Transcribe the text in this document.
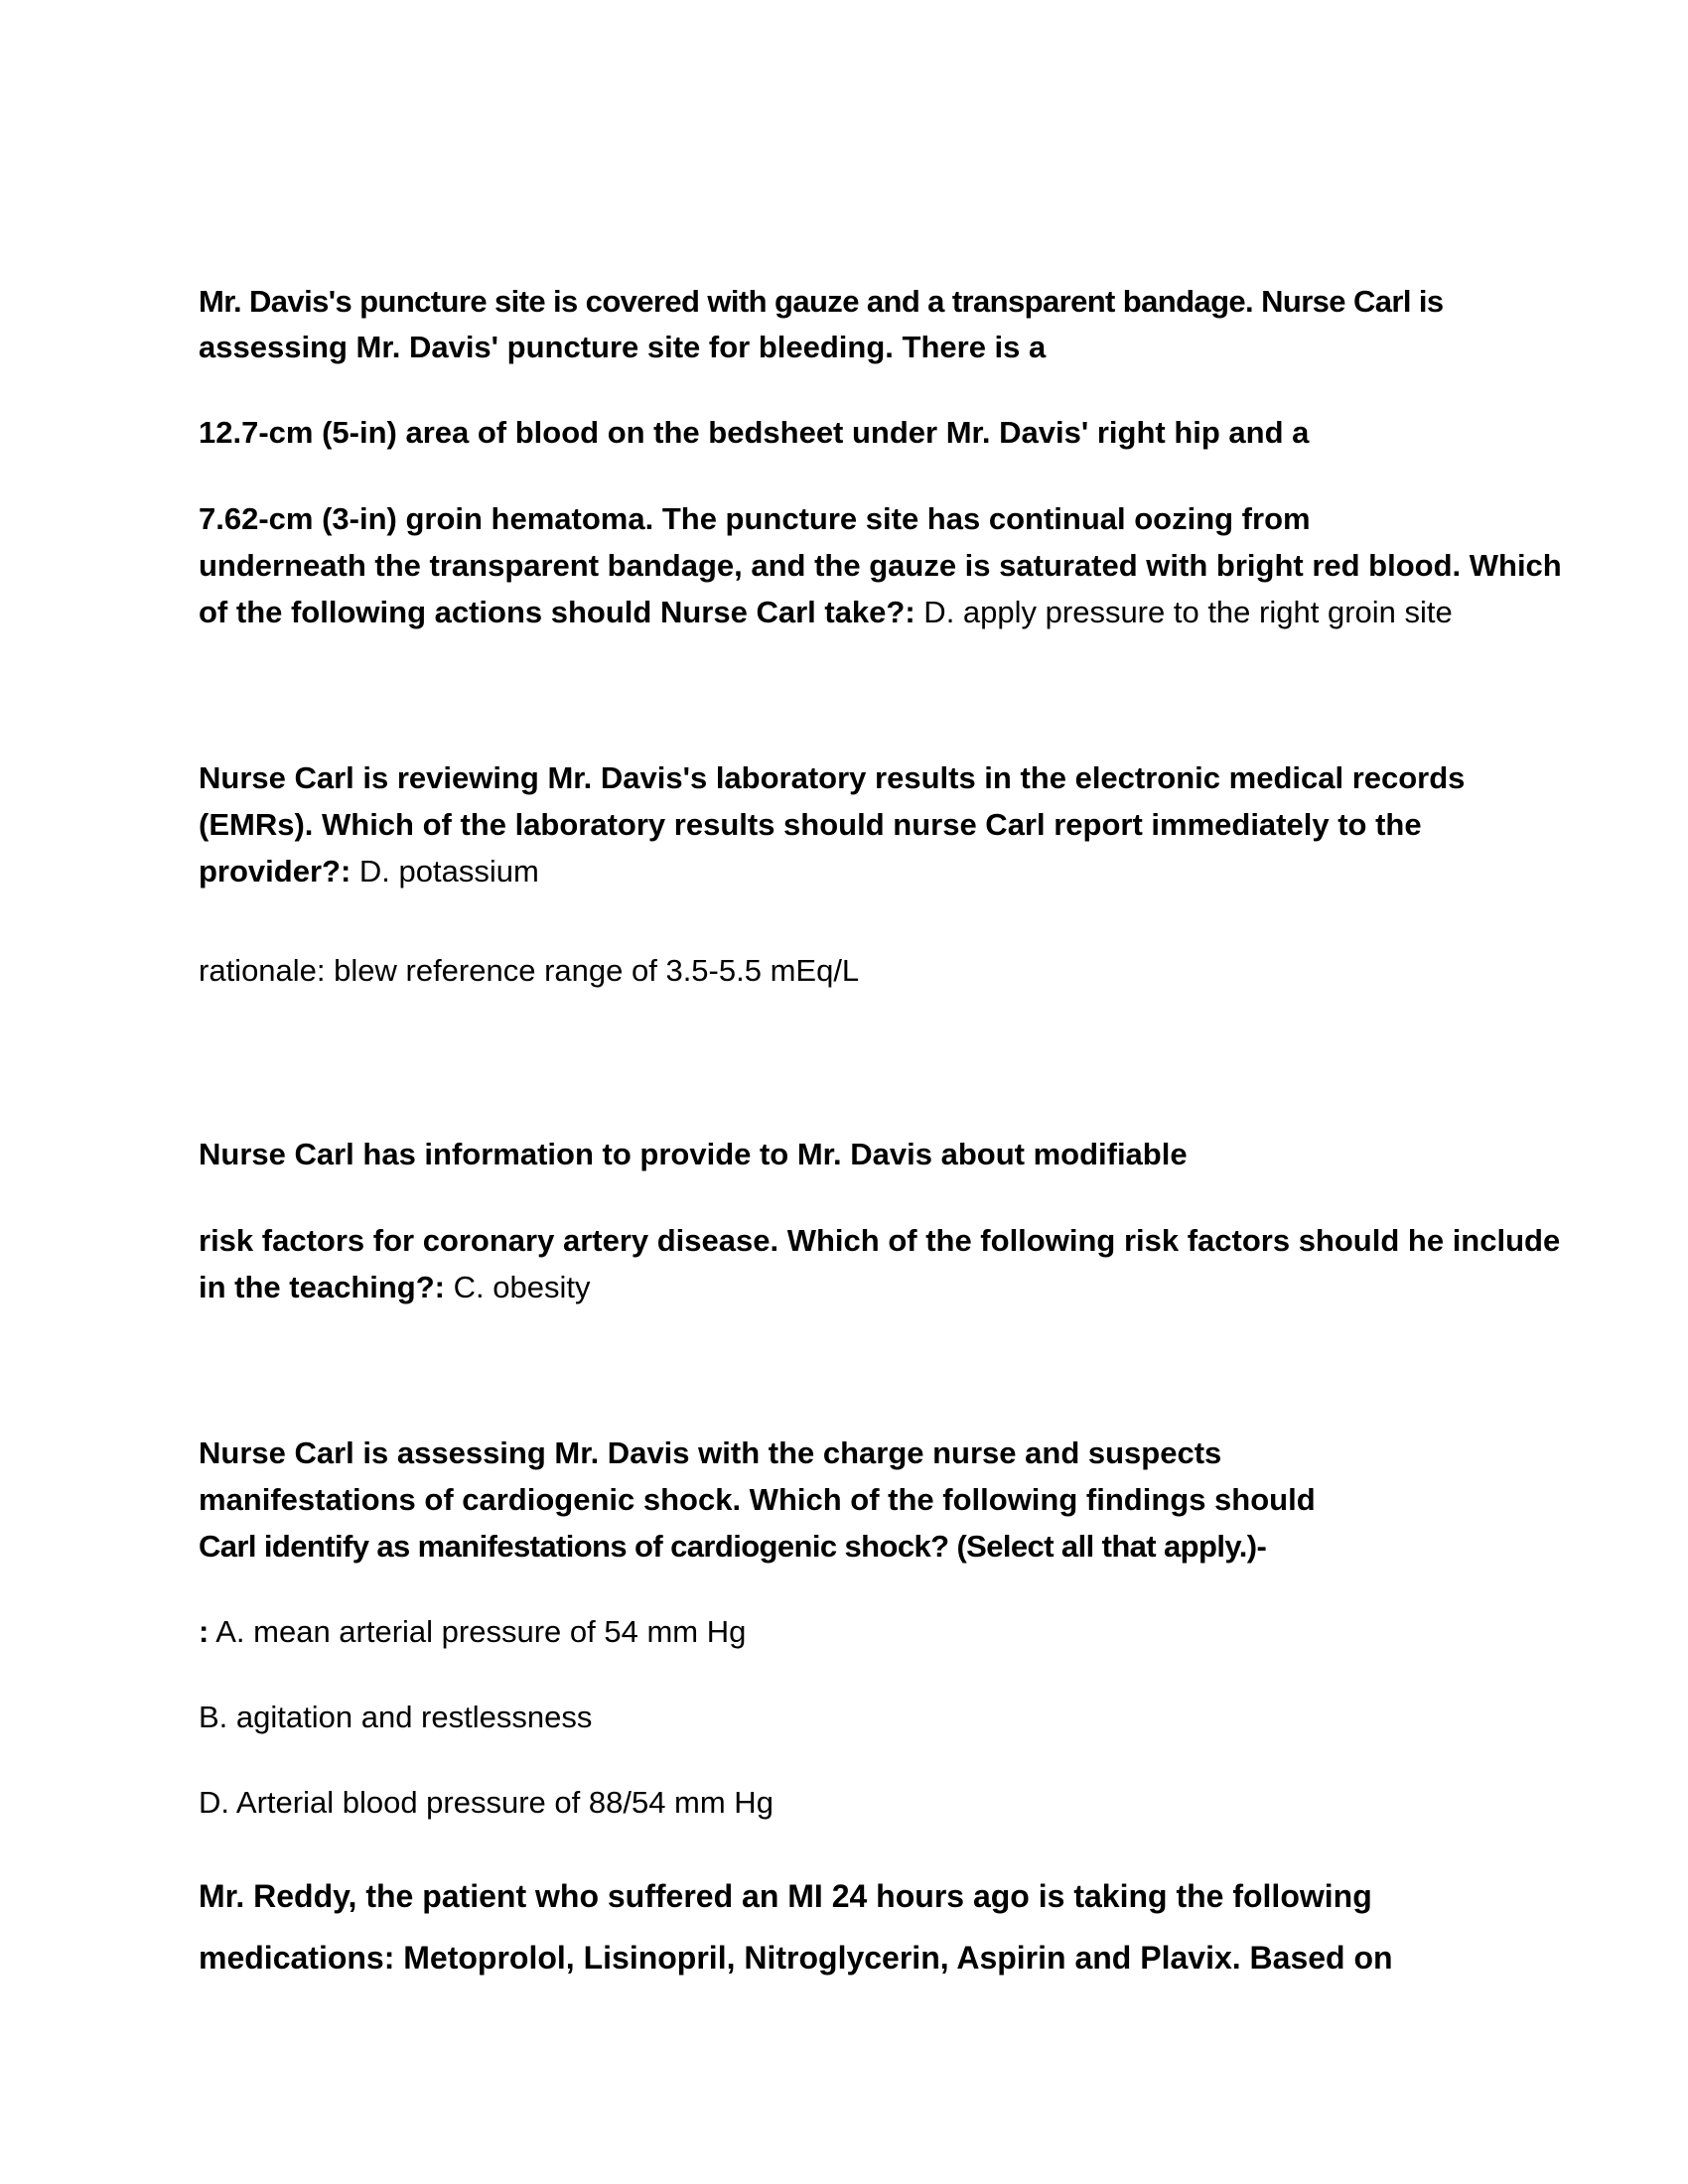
Mr. Davis's puncture site is covered with gauze and a transparent bandage. Nurse Carl is

assessing Mr. Davis' puncture site for bleeding. There is a

12.7-cm (5-in) area of blood on the bedsheet under Mr. Davis' right hip and a

7.62-cm (3-in) groin hematoma. The puncture site has continual oozing from

underneath the transparent bandage, and the gauze is saturated with bright red blood. Which

of the following actions should Nurse Carl take?: D. apply pressure to the right groin site

Nurse Carl is reviewing Mr. Davis's laboratory results in the electronic medical records

(EMRs). Which of the laboratory results should nurse Carl report immediately to the

provider?: D. potassium

rationale: blew reference range of 3.5-5.5 mEq/L

Nurse Carl has information to provide to Mr. Davis about modifiable

risk factors for coronary artery disease. Which of the following risk factors should he include

in the teaching?: C. obesity

Nurse Carl is assessing Mr. Davis with the charge nurse and suspects

manifestations of cardiogenic shock. Which of the following findings should

Carl identify as manifestations of cardiogenic shock? (Select all that apply.)-

: A. mean arterial pressure of 54 mm Hg

B. agitation and restlessness

D. Arterial blood pressure of 88/54 mm Hg

Mr. Reddy, the patient who suffered an MI 24 hours ago is taking the following

medications: Metoprolol, Lisinopril, Nitroglycerin, Aspirin and Plavix. Based on
